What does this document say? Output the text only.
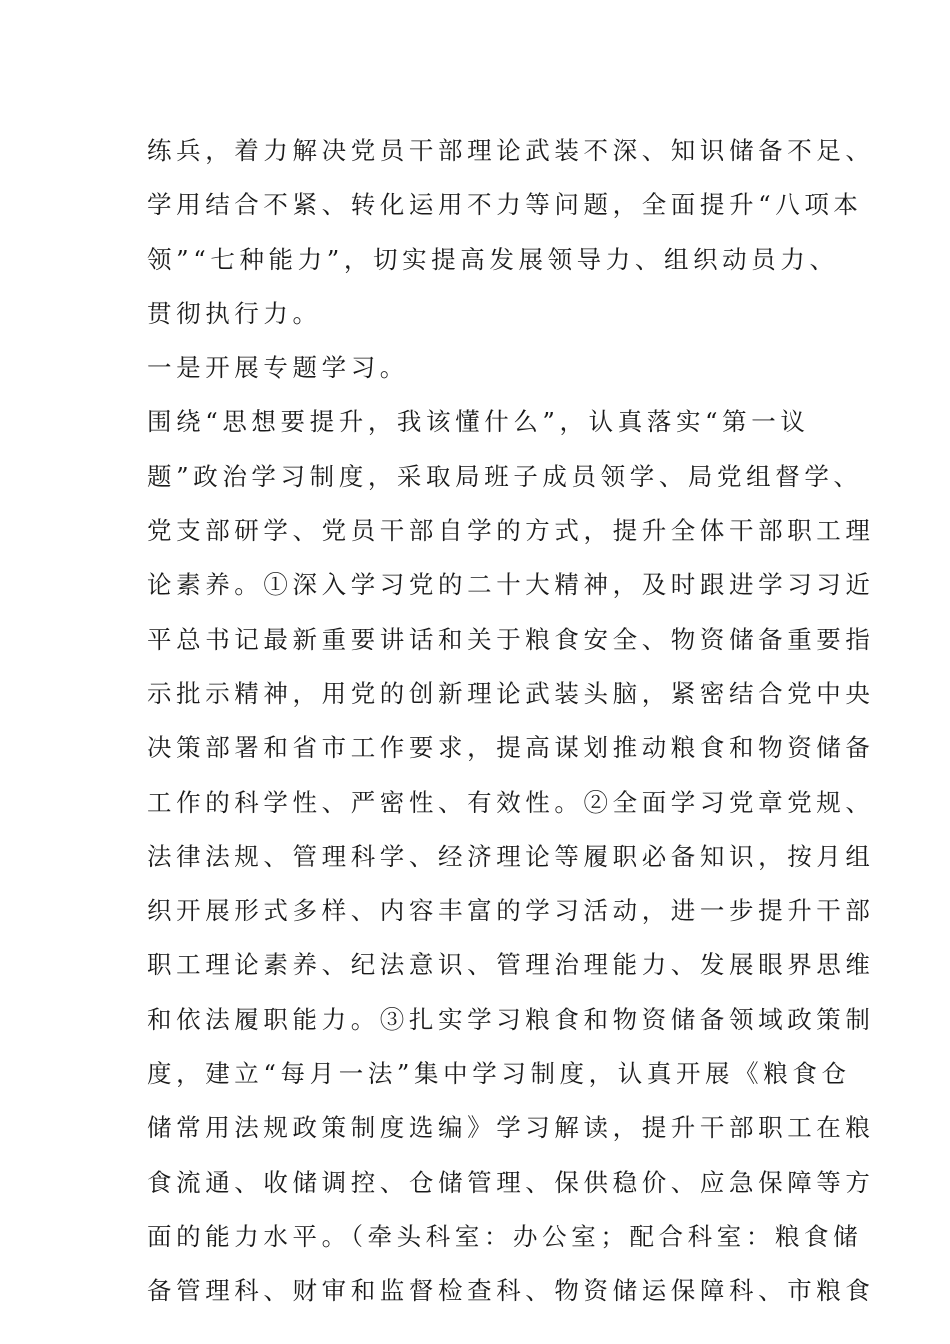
练兵，着力解决党员干部理论武装不深、知识储备不足、
学用结合不紧、转化运用不力等问题，全面提升“八项本
领”“七种能力”，切实提高发展领导力、组织动员力、
贯彻执行力。
一是开展专题学习。
围绕“思想要提升，我该懂什么”，认真落实“第一议
题”政治学习制度，采取局班子成员领学、局党组督学、
党支部研学、党员干部自学的方式，提升全体干部职工理
论素养。①深入学习党的二十大精神，及时跟进学习习近
平总书记最新重要讲话和关于粮食安全、物资储备重要指
示批示精神，用党的创新理论武装头脑，紧密结合党中央
决策部署和省市工作要求，提高谋划推动粮食和物资储备
工作的科学性、严密性、有效性。②全面学习党章党规、
法律法规、管理科学、经济理论等履职必备知识，按月组
织开展形式多样、内容丰富的学习活动，进一步提升干部
职工理论素养、纪法意识、管理治理能力、发展眼界思维
和依法履职能力。③扎实学习粮食和物资储备领域政策制
度，建立“每月一法”集中学习制度，认真开展《粮食仓
储常用法规政策制度选编》学习解读，提升干部职工在粮
食流通、收储调控、仓储管理、保供稳价、应急保障等方
面的能力水平。（牵头科室：办公室；配合科室：粮食储
备管理科、财审和监督检查科、物资储运保障科、市粮食
